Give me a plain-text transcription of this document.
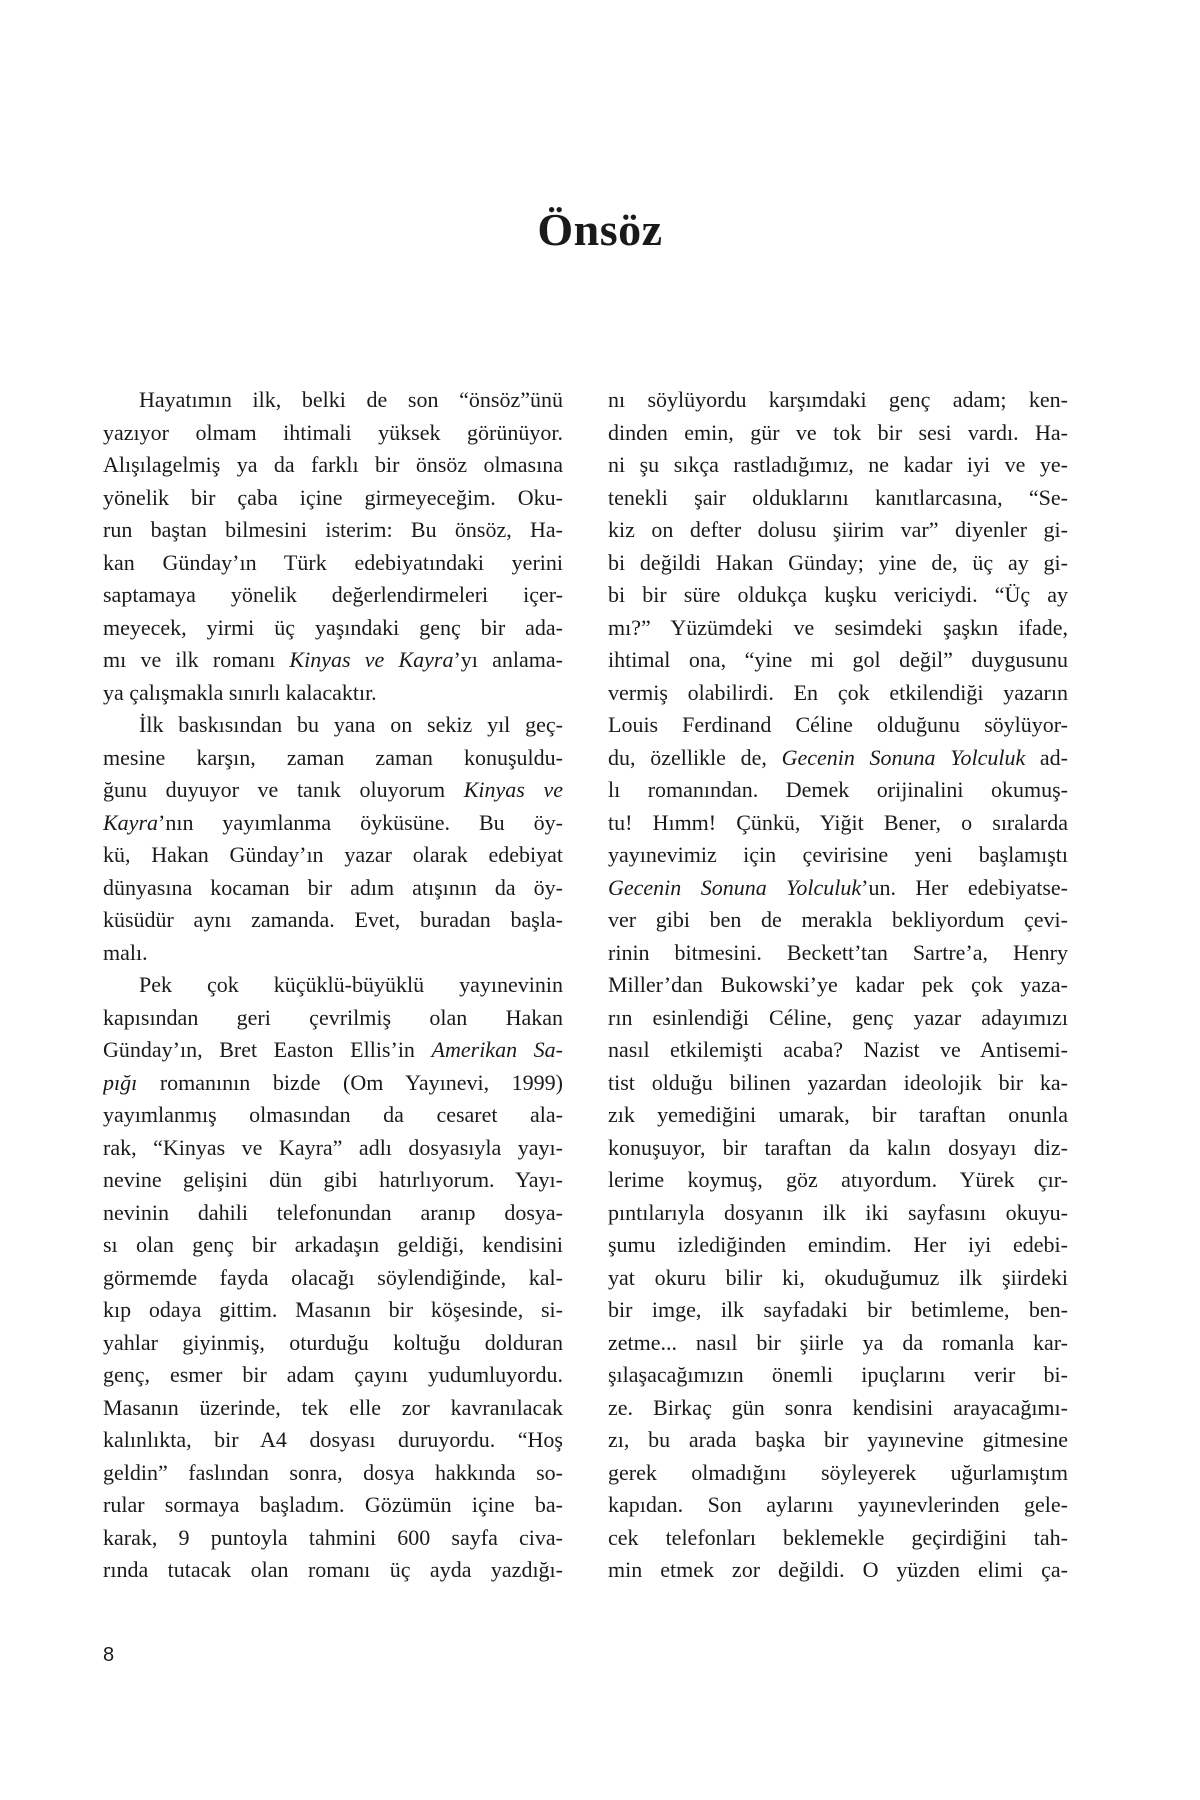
Önsöz
Hayatımın ilk, belki de son “önsöz”ünü
yazıyor olmam ihtimali yüksek görünüyor.
Alışılagelmiş ya da farklı bir önsöz olmasına
yönelik bir çaba içine girmeyeceğim. Oku-
run baştan bilmesini isterim: Bu önsöz, Ha-
kan Günday’ın Türk edebiyatındaki yerini
saptamaya yönelik değerlendirmeleri içer-
meyecek, yirmi üç yaşındaki genç bir ada-
mı ve ilk romanı Kinyas ve Kayra’yı anlama-
ya çalışmakla sınırlı kalacaktır.
İlk baskısından bu yana on sekiz yıl geç-
mesine karşın, zaman zaman konuşuldu-
ğunu duyuyor ve tanık oluyorum Kinyas ve
Kayra’nın yayımlanma öyküsüne. Bu öy-
kü, Hakan Günday’ın yazar olarak edebiyat
dünyasına kocaman bir adım atışının da öy-
küsüdür aynı zamanda. Evet, buradan başla-
malı.
Pek çok küçüklü-büyüklü yayınevinin
kapısından geri çevrilmiş olan Hakan
Günday’ın, Bret Easton Ellis’in Amerikan Sa-
pığı romanının bizde (Om Yayınevi, 1999)
yayımlanmış olmasından da cesaret ala-
rak, “Kinyas ve Kayra” adlı dosyasıyla yayı-
nevine gelişini dün gibi hatırlıyorum. Yayı-
nevinin dahili telefonundan aranıp dosya-
sı olan genç bir arkadaşın geldiği, kendisini
görmemde fayda olacağı söylendiğinde, kal-
kıp odaya gittim. Masanın bir köşesinde, si-
yahlar giyinmiş, oturduğu koltuğu dolduran
genç, esmer bir adam çayını yudumluyordu.
Masanın üzerinde, tek elle zor kavranılacak
kalınlıkta, bir A4 dosyası duruyordu. “Hoş
geldin” faslından sonra, dosya hakkında so-
rular sormaya başladım. Gözümün içine ba-
karak, 9 puntoyla tahmini 600 sayfa civa-
rında tutacak olan romanı üç ayda yazdığı-
nı söylüyordu karşımdaki genç adam; ken-
dinden emin, gür ve tok bir sesi vardı. Ha-
ni şu sıkça rastladığımız, ne kadar iyi ve ye-
tenekli şair olduklarını kanıtlarcasına, “Se-
kiz on defter dolusu şiirim var” diyenler gi-
bi değildi Hakan Günday; yine de, üç ay gi-
bi bir süre oldukça kuşku vericiydi. “Üç ay
mı?” Yüzümdeki ve sesimdeki şaşkın ifade,
ihtimal ona, “yine mi gol değil” duygusunu
vermiş olabilirdi. En çok etkilendiği yazarın
Louis Ferdinand Céline olduğunu söylüyor-
du, özellikle de, Gecenin Sonuna Yolculuk ad-
lı romanından. Demek orijinalini okumuş-
tu! Hımm! Çünkü, Yiğit Bener, o sıralarda
yayınevimiz için çevirisine yeni başlamıştı
Gecenin Sonuna Yolculuk’un. Her edebiyatse-
ver gibi ben de merakla bekliyordum çevi-
rinin bitmesini. Beckett’tan Sartre’a, Henry
Miller’dan Bukowski’ye kadar pek çok yaza-
rın esinlendiği Céline, genç yazar adayımızı
nasıl etkilemişti acaba? Nazist ve Antisemi-
tist olduğu bilinen yazardan ideolojik bir ka-
zık yemediğini umarak, bir taraftan onunla
konuşuyor, bir taraftan da kalın dosyayı diz-
lerime koymuş, göz atıyordum. Yürek çır-
pıntılarıyla dosyanın ilk iki sayfasını okuyu-
şumu izlediğinden emindim. Her iyi edebi-
yat okuru bilir ki, okuduğumuz ilk şiirdeki
bir imge, ilk sayfadaki bir betimleme, ben-
zetme... nasıl bir şiirle ya da romanla kar-
şılaşacağımızın önemli ipuçlarını verir bi-
ze. Birkaç gün sonra kendisini arayacağımı-
zı, bu arada başka bir yayınevine gitmesine
gerek olmadığını söyleyerek uğurlamıştım
kapıdan. Son aylarını yayınevlerinden gele-
cek telefonları beklemekle geçirdiğini tah-
min etmek zor değildi. O yüzden elimi ça-
8
